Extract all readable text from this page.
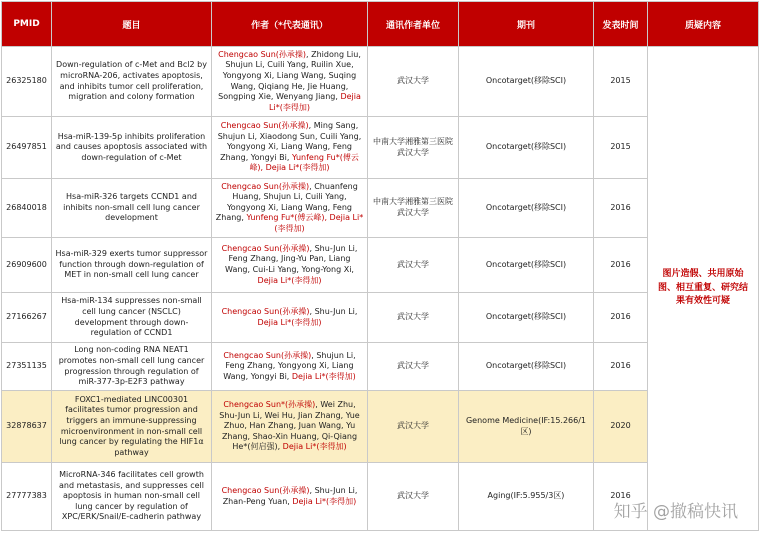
PMID	题目	作者（*代表通讯）	通讯作者单位	期刊	发表时间	质疑内容
26325180	Down-regulation of c-Met and Bcl2 by microRNA-206, activates apoptosis, and inhibits tumor cell proliferation, migration and colony formation	Chengcao Sun(孙承操), Zhidong Liu, Shujun Li, Cuili Yang, Ruilin Xue, Yongyong Xi, Liang Wang, Suqing Wang, Qiqiang He, Jie Huang, Songping Xie, Wenyang Jiang, Dejia Li*(李得加)	武汉大学	Oncotarget(移除SCI)	2015	图片造假、共用原始图、相互重复、研究结果有效性可疑
26497851	Hsa-miR-139-5p inhibits proliferation and causes apoptosis associated with down-regulation of c-Met	Chengcao Sun(孙承操), Ming Sang, Shujun Li, Xiaodong Sun, Cuili Yang, Yongyong Xi, Liang Wang, Feng Zhang, Yongyi Bi, Yunfeng Fu*(傅云峰), Dejia Li*(李得加)	中南大学湘雅第三医院 武汉大学	Oncotarget(移除SCI)	2015	
26840018	Hsa-miR-326 targets CCND1 and inhibits non-small cell lung cancer development	Chengcao Sun(孙承操), Chuanfeng Huang, Shujun Li, Cuili Yang, Yongyong Xi, Liang Wang, Feng Zhang, Yunfeng Fu*(傅云峰), Dejia Li*(李得加)	中南大学湘雅第三医院 武汉大学	Oncotarget(移除SCI)	2016	
26909600	Hsa-miR-329 exerts tumor suppressor function through down-regulation of MET in non-small cell lung cancer	Chengcao Sun(孙承操), Shu-Jun Li, Feng Zhang, Jing-Yu Pan, Liang Wang, Cui-Li Yang, Yong-Yong Xi, Dejia Li*(李得加)	武汉大学	Oncotarget(移除SCI)	2016	
27166267	Hsa-miR-134 suppresses non-small cell lung cancer (NSCLC) development through down-regulation of CCND1	Chengcao Sun(孙承操), Shu-Jun Li, Dejia Li*(李得加)	武汉大学	Oncotarget(移除SCI)	2016	
27351135	Long non-coding RNA NEAT1 promotes non-small cell lung cancer progression through regulation of miR-377-3p-E2F3 pathway	Chengcao Sun(孙承操), Shujun Li, Feng Zhang, Yongyong Xi, Liang Wang, Yongyi Bi, Dejia Li*(李得加)	武汉大学	Oncotarget(移除SCI)	2016	
32878637	FOXC1-mediated LINC00301 facilitates tumor progression and triggers an immune-suppressing microenvironment in non-small cell lung cancer by regulating the HIF1α pathway	Chengcao Sun*(孙承操), Wei Zhu, Shu-Jun Li, Wei Hu, Jian Zhang, Yue Zhuo, Han Zhang, Juan Wang, Yu Zhang, Shao-Xin Huang, Qi-Qiang He*(何启强), Dejia Li*(李得加)	武汉大学	Genome Medicine(IF:15.266/1区)	2020	
27777383	MicroRNA-346 facilitates cell growth and metastasis, and suppresses cell apoptosis in human non-small cell lung cancer by regulation of XPC/ERK/Snail/E-cadherin pathway	Chengcao Sun(孙承操), Shu-Jun Li, Zhan-Peng Yuan, Dejia Li*(李得加)	武汉大学	Aging(IF:5.955/3区)	2016	
知乎 @撤稿快讯
